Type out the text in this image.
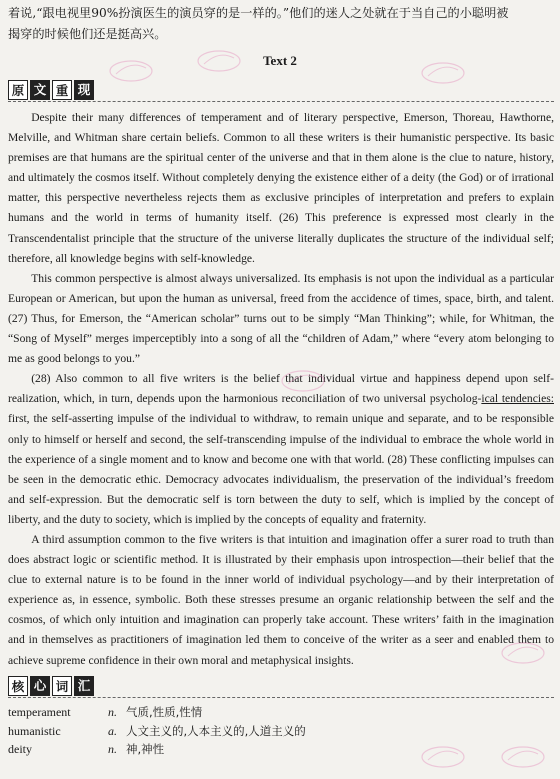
着说,“跟电视里90%扮演医生的演员穿的是一样的。”他们的迷人之处就在于当自己的小聪明被
揭穿的时候他们还是挺高兴。
Text 2
原 文 重 现

Despite their many differences of temperament and of literary perspective, Emerson, Thoreau, Hawthorne, Melville, and Whitman share certain beliefs. Common to all these writers is their humanistic perspective. Its basic premises are that humans are the spiritual center of the universe and that in them alone is the clue to nature, history, and ultimately the cosmos itself. Without completely denying the existence either of a deity (the God) or of irrational matter, this perspective nevertheless rejects them as exclusive principles of interpretation and prefers to explain humans and the world in terms of humanity itself. (26) This preference is expressed most clearly in the Transcendentalist principle that the structure of the universe literally duplicates the structure of the individual self; therefore, all knowledge begins with self-knowledge.

This common perspective is almost always universalized. Its emphasis is not upon the individual as a particular European or American, but upon the human as universal, freed from the accidence of times, space, birth, and talent. (27) Thus, for Emerson, the “American scholar” turns out to be simply “Man Thinking”; while, for Whitman, the “Song of Myself” merges imperceptibly into a song of all the “children of Adam,” where “every atom belonging to me as good belongs to you.”

(28) Also common to all five writers is the belief that individual virtue and happiness depend upon self-realization, which, in turn, depends upon the harmonious reconciliation of two universal psycholog-ical tendencies: first, the self-asserting impulse of the individual to withdraw, to remain unique and separate, and to be responsible only to himself or herself and second, the self-transcending impulse of the individual to embrace the whole world in the experience of a single moment and to know and become one with that world. (28) These conflicting impulses can be seen in the democratic ethic. Democracy advocates individualism, the preservation of the individual’s freedom and self-expression. But the democratic self is torn between the duty to self, which is implied by the concept of liberty, and the duty to society, which is implied by the concepts of equality and fraternity.

A third assumption common to the five writers is that intuition and imagination offer a surer road to truth than does abstract logic or scientific method. It is illustrated by their emphasis upon introspection—their belief that the clue to external nature is to be found in the inner world of individual psychology—and by their interpretation of experience as, in essence, symbolic. Both these stresses presume an organic relationship between the self and the cosmos, of which only intuition and imagination can properly take account. These writers’ faith in the imagination and in themselves as practitioners of imagination led them to conceive of the writer as a seer and enabled them to achieve supreme confidence in their own moral and metaphysical insights.

核 心 词 汇
temperament	n. 气质,性质,性情
humanistic	a. 人文主义的,人本主义的,人道主义的
deity	n. 神,神性
